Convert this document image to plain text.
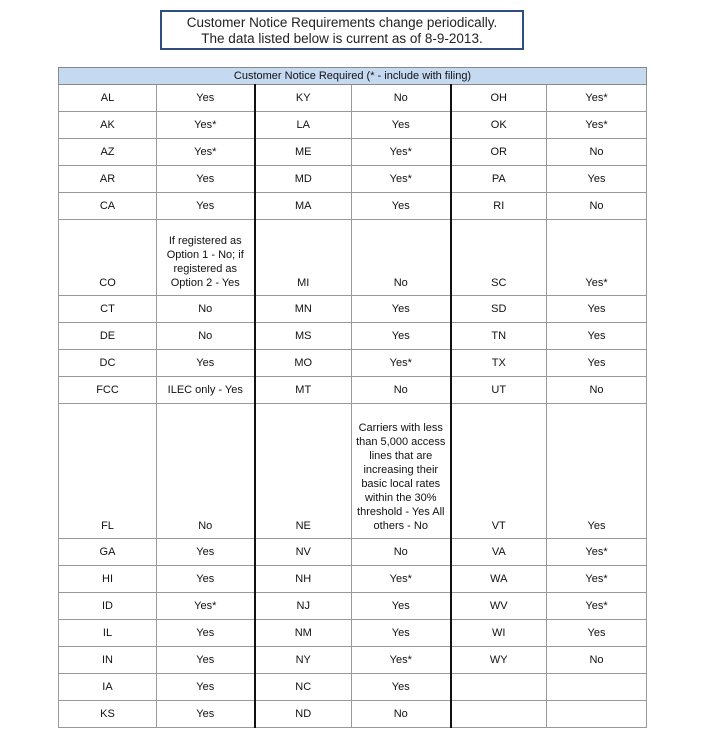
Customer Notice Requirements change periodically.
The data listed below is current as of 8-9-2013.
Customer Notice Required (* - include with filing)					
AL	Yes	KY	No	OH	Yes*
AK	Yes*	LA	Yes	OK	Yes*
AZ	Yes*	ME	Yes*	OR	No
AR	Yes	MD	Yes*	PA	Yes
CA	Yes	MA	Yes	RI	No
CO	If registered as Option 1 - No; if registered as Option 2 - Yes	MI	No	SC	Yes*
CT	No	MN	Yes	SD	Yes
DE	No	MS	Yes	TN	Yes
DC	Yes	MO	Yes*	TX	Yes
FCC	ILEC only - Yes	MT	No	UT	No
FL	No	NE	Carriers with less than 5,000 access lines that are increasing their basic local rates within the 30% threshold - Yes All others - No	VT	Yes
GA	Yes	NV	No	VA	Yes*
HI	Yes	NH	Yes*	WA	Yes*
ID	Yes*	NJ	Yes	WV	Yes*
IL	Yes	NM	Yes	WI	Yes
IN	Yes	NY	Yes*	WY	No
IA	Yes	NC	Yes		
KS	Yes	ND	No		
